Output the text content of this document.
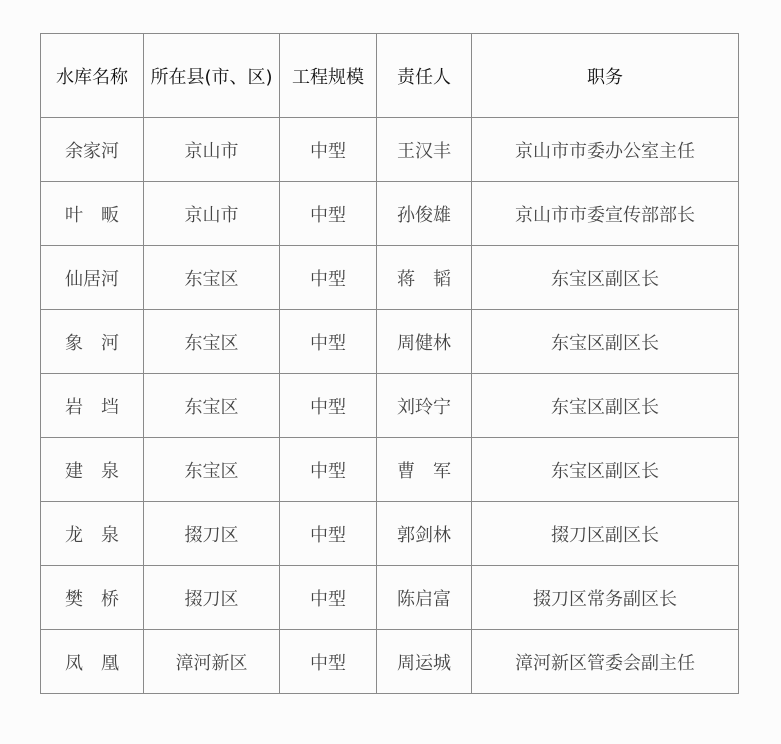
水库名称	所在县(市、区)	工程规模	责任人	职务
余家河	京山市	中型	王汉丰	京山市市委办公室主任
叶　畈	京山市	中型	孙俊雄	京山市市委宣传部部长
仙居河	东宝区	中型	蒋　韬	东宝区副区长
象　河	东宝区	中型	周健林	东宝区副区长
岩　垱	东宝区	中型	刘玲宁	东宝区副区长
建　泉	东宝区	中型	曹　军	东宝区副区长
龙　泉	掇刀区	中型	郭剑林	掇刀区副区长
樊　桥	掇刀区	中型	陈启富	掇刀区常务副区长
凤　凰	漳河新区	中型	周运城	漳河新区管委会副主任
